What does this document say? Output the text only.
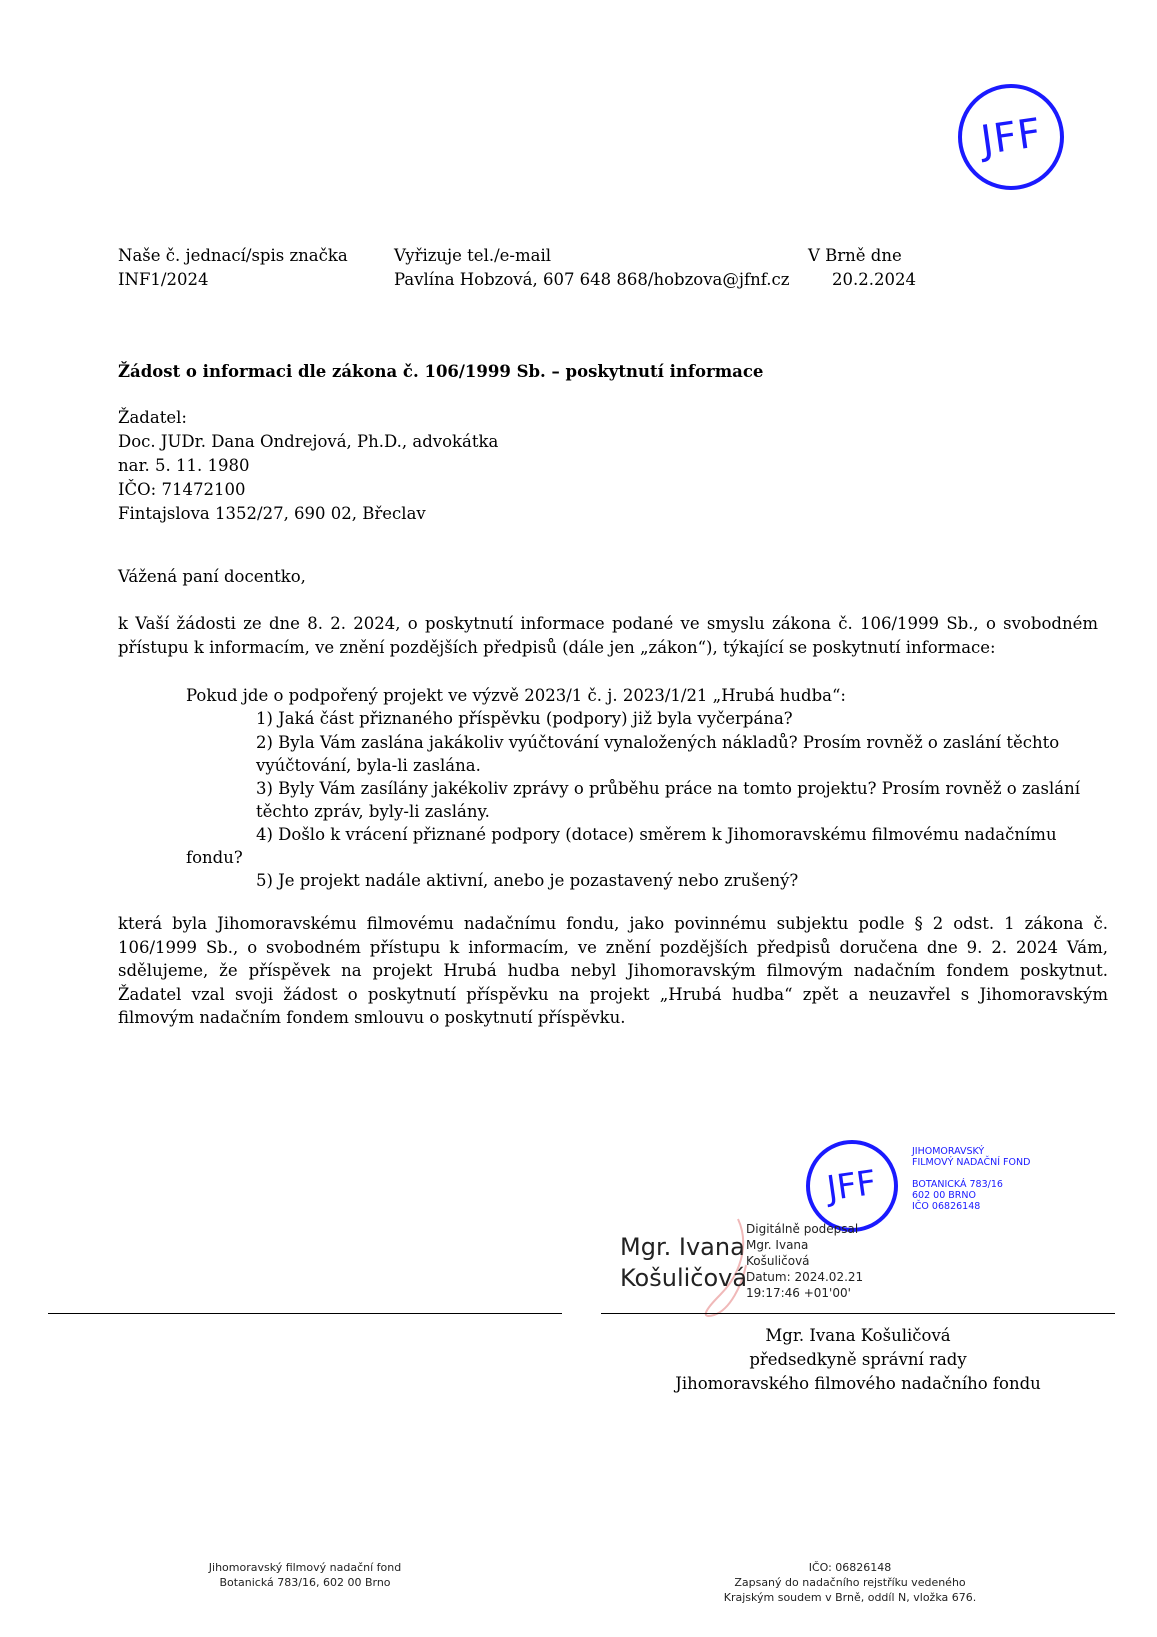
JFF
Naše č. jednací/spis značka
INF1/2024
Vyřizuje tel./e-mail
Pavlína Hobzová, 607 648 868/hobzova@jfnf.cz
V Brně dne
20.2.2024
Žádost o informaci dle zákona č. 106/1999 Sb. – poskytnutí informace
Žadatel:
Doc. JUDr. Dana Ondrejová, Ph.D., advokátka
nar. 5. 11. 1980
IČO: 71472100
Fintajslova 1352/27, 690 02, Břeclav
Vážená paní docentko,
k Vaší žádosti ze dne 8. 2. 2024, o poskytnutí informace podané ve smyslu zákona č. 106/1999 Sb., o svobodném přístupu k informacím, ve znění pozdějších předpisů (dále jen „zákon“), týkající se poskytnutí informace:
Pokud jde o podpořený projekt ve výzvě 2023/1 č. j. 2023/1/21 „Hrubá hudba“:
1) Jaká část přiznaného příspěvku (podpory) již byla vyčerpána?
2) Byla Vám zaslána jakákoliv vyúčtování vynaložených nákladů? Prosím rovněž o zaslání těchto
vyúčtování, byla-li zaslána.
3) Byly Vám zasílány jakékoliv zprávy o průběhu práce na tomto projektu? Prosím rovněž o zaslání
těchto zpráv, byly-li zaslány.
4) Došlo k vrácení přiznané podpory (dotace) směrem k Jihomoravskému filmovému nadačnímu
fondu?
5) Je projekt nadále aktivní, anebo je pozastavený nebo zrušený?
která byla Jihomoravskému filmovému nadačnímu fondu, jako povinnému subjektu podle § 2 odst. 1 zákona č. 106/1999 Sb., o svobodném přístupu k informacím, ve znění pozdějších předpisů doručena dne 9. 2. 2024 Vám, sdělujeme, že příspěvek na projekt Hrubá hudba nebyl Jihomoravským filmovým nadačním fondem poskytnut. Žadatel vzal svoji žádost o poskytnutí příspěvku na projekt „Hrubá hudba“ zpět a neuzavřel s Jihomoravským filmovým nadačním fondem smlouvu o poskytnutí příspěvku.
JFF
JIHOMORAVSKÝ
FILMOVÝ NADAČNÍ FOND
BOTANICKÁ 783/16
602 00 BRNO
IČO 06826148
Mgr. Ivana
Košuličová
Digitálně podepsal
Mgr. Ivana
Košuličová
Datum: 2024.02.21
19:17:46 +01'00'
Mgr. Ivana Košuličová
předsedkyně správní rady
Jihomoravského filmového nadačního fondu
Jihomoravský filmový nadační fond
Botanická 783/16, 602 00 Brno
IČO: 06826148
Zapsaný do nadačního rejstříku vedeného
Krajským soudem v Brně, oddíl N, vložka 676.
